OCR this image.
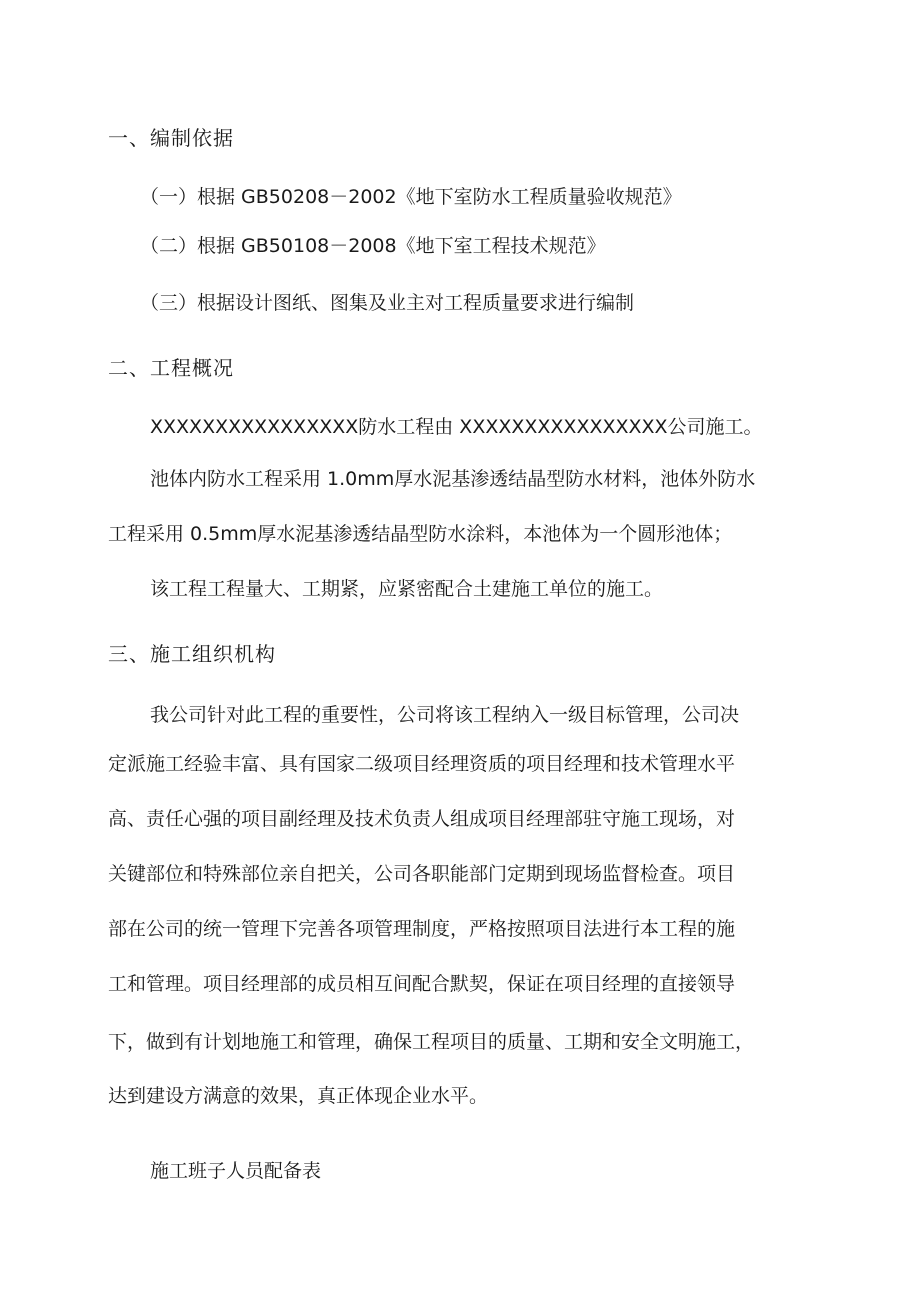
一、编制依据
（一）根据 GB50208－2002《地下室防水工程质量验收规范》
（二）根据 GB50108－2008《地下室工程技术规范》
（三）根据设计图纸、图集及业主对工程质量要求进行编制
二、工程概况
XXXXXXXXXXXXXXXX防水工程由 XXXXXXXXXXXXXXXX公司施工。
池体内防水工程采用 1.0mm厚水泥基渗透结晶型防水材料，池体外防水
工程采用 0.5mm厚水泥基渗透结晶型防水涂料，本池体为一个圆形池体；
该工程工程量大、工期紧，应紧密配合土建施工单位的施工。
三、施工组织机构
我公司针对此工程的重要性，公司将该工程纳入一级目标管理，公司决
定派施工经验丰富、具有国家二级项目经理资质的项目经理和技术管理水平
高、责任心强的项目副经理及技术负责人组成项目经理部驻守施工现场，对
关键部位和特殊部位亲自把关，公司各职能部门定期到现场监督检查。项目
部在公司的统一管理下完善各项管理制度，严格按照项目法进行本工程的施
工和管理。项目经理部的成员相互间配合默契，保证在项目经理的直接领导
下，做到有计划地施工和管理，确保工程项目的质量、工期和安全文明施工，
达到建设方满意的效果，真正体现企业水平。
施工班子人员配备表
